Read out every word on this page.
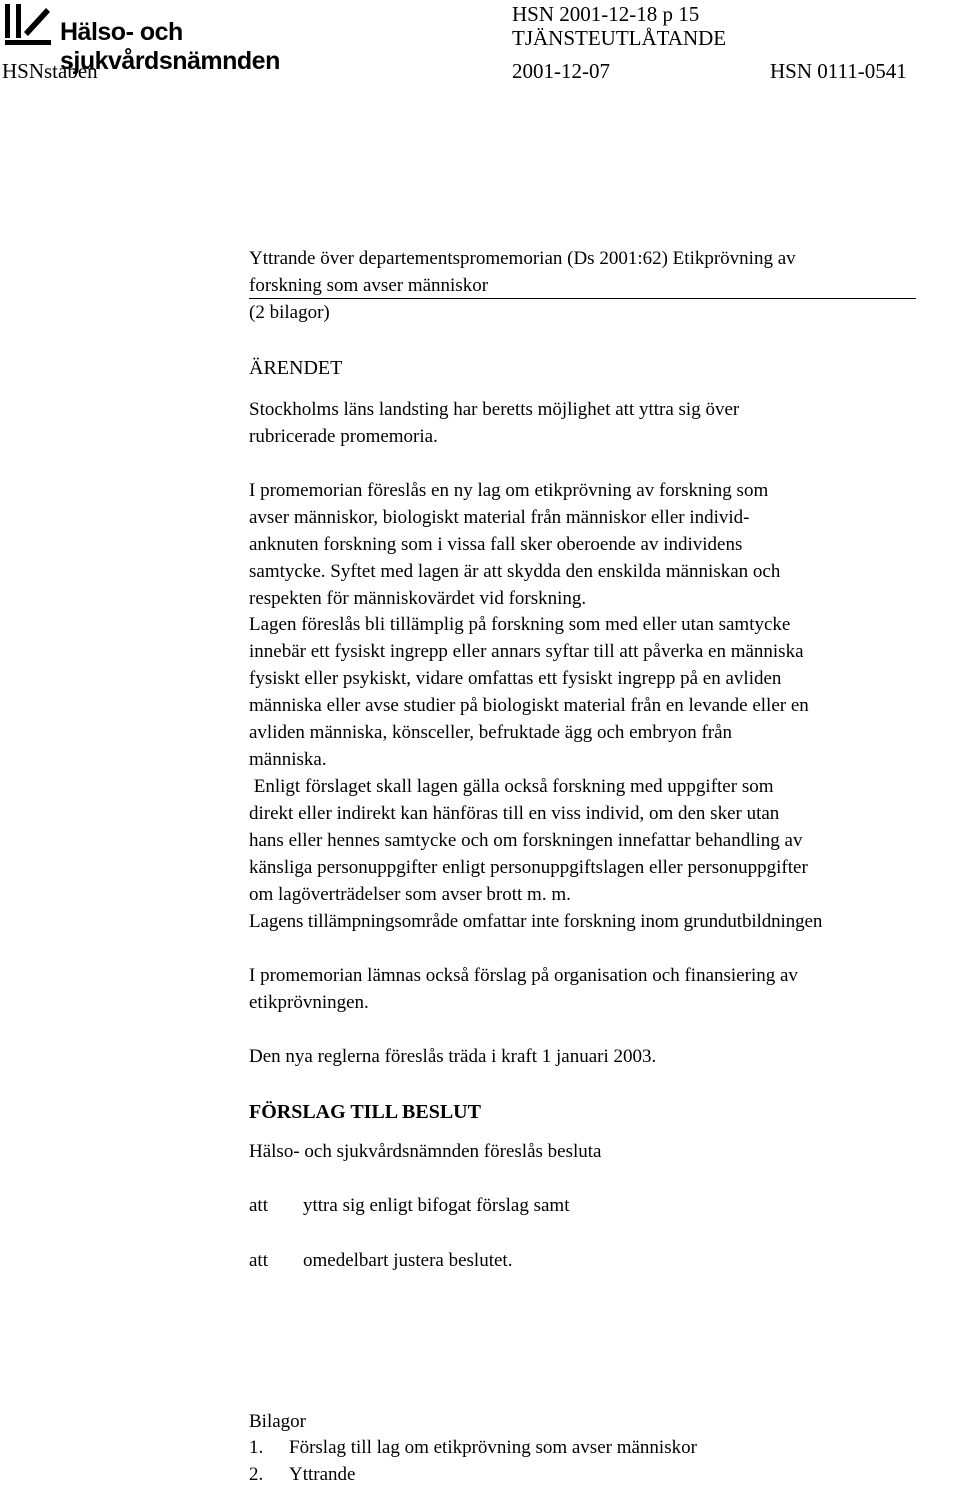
Hälso- och sjukvårdsnämnden
HSN 2001-12-18 p 15
TJÄNSTEUTLÅTANDE
HSNstaben	2001-12-07	HSN 0111-0541
Yttrande över departementspromemorian (Ds 2001:62) Etikprövning av
forskning som avser människor
(2 bilagor)
ÄRENDET
Stockholms läns landsting har beretts möjlighet att yttra sig över
rubricerade promemoria.
I promemorian föreslås en ny lag om etikprövning av forskning som
avser människor, biologiskt material från människor eller individ-
anknuten forskning som i vissa fall sker oberoende av individens
samtycke. Syftet med lagen är att skydda den enskilda människan och
respekten för människovärdet vid forskning.
Lagen föreslås bli tillämplig på forskning som med eller utan samtycke
innebär ett fysiskt ingrepp eller annars syftar till att påverka en människa
fysiskt eller psykiskt, vidare omfattas ett fysiskt ingrepp på en avliden
människa eller avse studier på biologiskt material från en levande eller en
avliden människa, könsceller, befruktade ägg och embryon från
människa.
Enligt förslaget skall lagen gälla också forskning med uppgifter som
direkt eller indirekt kan hänföras till en viss individ, om den sker utan
hans eller hennes samtycke och om forskningen innefattar behandling av
känsliga personuppgifter enligt personuppgiftslagen eller personuppgifter
om lagöverträdelser som avser brott m. m.
Lagens tillämpningsområde omfattar inte forskning inom grundutbildningen
I promemorian lämnas också förslag på organisation och finansiering av
etikprövningen.
Den nya reglerna föreslås träda i kraft 1 januari 2003.
FÖRSLAG TILL BESLUT
Hälso- och sjukvårdsnämnden föreslås besluta
att yttra sig enligt bifogat förslag samt
att omedelbart justera beslutet.
Bilagor
1. Förslag till lag om etikprövning som avser människor
2. Yttrande
